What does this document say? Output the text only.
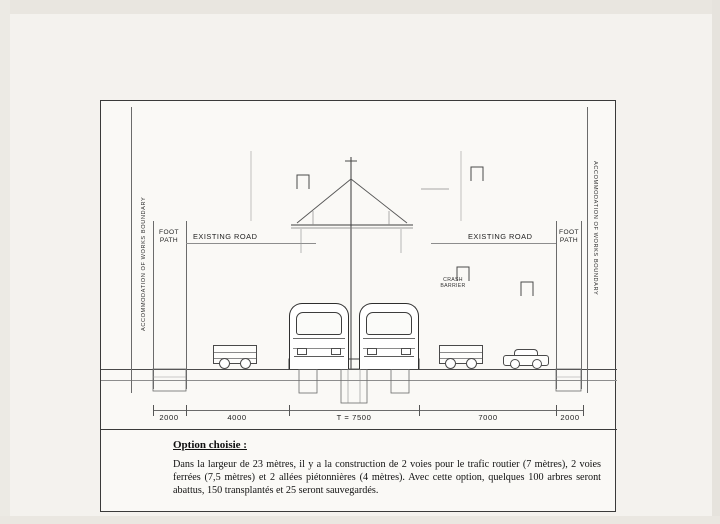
ACCOMMODATION OF WORKS BOUNDARY	ACCOMMODATION OF WORKS BOUNDARY
FOOT
PATH
FOOT
PATH
EXISTING ROAD	EXISTING ROAD
CRASH
BARRIER
2000	4000	T = 7500	7000	2000
Option choisie :
Dans la largeur de 23 mètres, il y a la construction de 2 voies pour le trafic routier (7 mètres), 2 voies ferrées (7,5 mètres) et 2 allées piétonnières (4 mètres). Avec cette option, quelques 100 arbres seront abattus, 150 transplantés et 25 seront sauvegardés.
